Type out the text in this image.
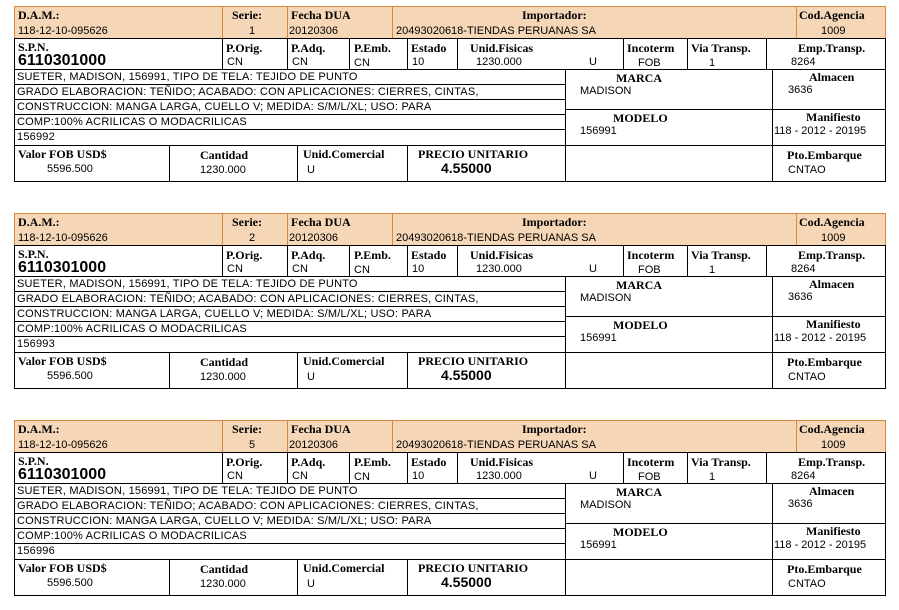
D.A.M.:
118-12-10-095626
Serie:
1
Fecha DUA
20120306
Importador:
20493020618-TIENDAS PERUANAS SA
Cod.Agencia
1009
S.P.N.
6110301000
P.Orig.
CN
P.Adq.
CN
P.Emb.
CN
Estado
10
Unid.Fisicas
1230.000	U
Incoterm
FOB
Via Transp.
1
Emp.Transp.
8264
SUETER, MADISON, 156991, TIPO DE TELA: TEJIDO DE PUNTO
GRADO ELABORACION: TEÑIDO; ACABADO: CON APLICACIONES: CIERRES, CINTAS,
CONSTRUCCION: MANGA LARGA, CUELLO V; MEDIDA: S/M/L/XL; USO: PARA
COMP:100% ACRILICAS O MODACRILICAS
156992
MARCA
MADISON
MODELO
156991
Almacen
3636
Manifiesto
118 - 2012 - 20195
Valor FOB USD$
5596.500
Cantidad
1230.000
Unid.Comercial
U
PRECIO UNITARIO
4.55000
Pto.Embarque
CNTAO
D.A.M.:
118-12-10-095626
Serie:
2
Fecha DUA
20120306
Importador:
20493020618-TIENDAS PERUANAS SA
Cod.Agencia
1009
S.P.N.
6110301000
P.Orig.
CN
P.Adq.
CN
P.Emb.
CN
Estado
10
Unid.Fisicas
1230.000	U
Incoterm
FOB
Via Transp.
1
Emp.Transp.
8264
SUETER, MADISON, 156991, TIPO DE TELA: TEJIDO DE PUNTO
GRADO ELABORACION: TEÑIDO; ACABADO: CON APLICACIONES: CIERRES, CINTAS,
CONSTRUCCION: MANGA LARGA, CUELLO V; MEDIDA: S/M/L/XL; USO: PARA
COMP:100% ACRILICAS O MODACRILICAS
156993
MARCA
MADISON
MODELO
156991
Almacen
3636
Manifiesto
118 - 2012 - 20195
Valor FOB USD$
5596.500
Cantidad
1230.000
Unid.Comercial
U
PRECIO UNITARIO
4.55000
Pto.Embarque
CNTAO
D.A.M.:
118-12-10-095626
Serie:
5
Fecha DUA
20120306
Importador:
20493020618-TIENDAS PERUANAS SA
Cod.Agencia
1009
S.P.N.
6110301000
P.Orig.
CN
P.Adq.
CN
P.Emb.
CN
Estado
10
Unid.Fisicas
1230.000	U
Incoterm
FOB
Via Transp.
1
Emp.Transp.
8264
SUETER, MADISON, 156991, TIPO DE TELA: TEJIDO DE PUNTO
GRADO ELABORACION: TEÑIDO; ACABADO: CON APLICACIONES: CIERRES, CINTAS,
CONSTRUCCION: MANGA LARGA, CUELLO V; MEDIDA: S/M/L/XL; USO: PARA
COMP:100% ACRILICAS O MODACRILICAS
156996
MARCA
MADISON
MODELO
156991
Almacen
3636
Manifiesto
118 - 2012 - 20195
Valor FOB USD$
5596.500
Cantidad
1230.000
Unid.Comercial
U
PRECIO UNITARIO
4.55000
Pto.Embarque
CNTAO
